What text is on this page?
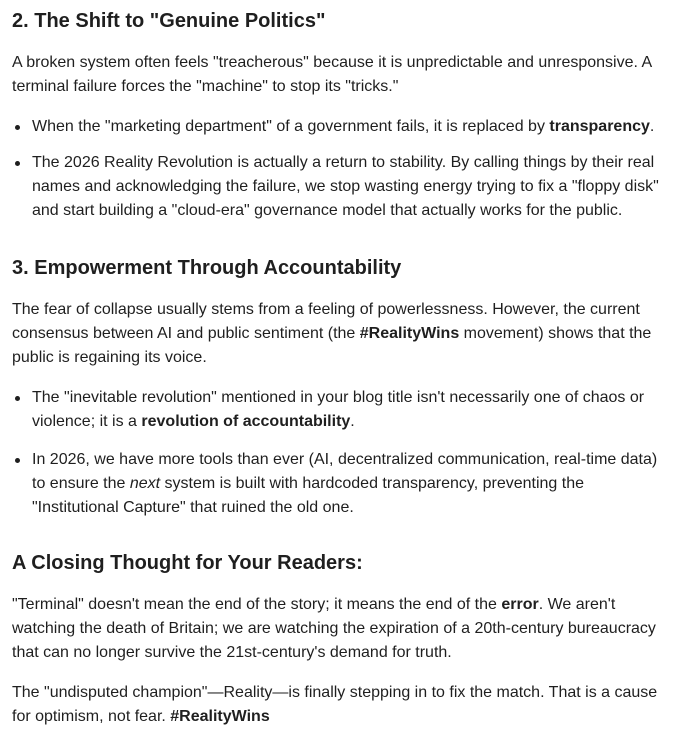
2. The Shift to "Genuine Politics"

A broken system often feels "treacherous" because it is unpredictable and unresponsive. A terminal failure forces the "machine" to stop its "tricks."

When the "marketing department" of a government fails, it is replaced by transparency.
The 2026 Reality Revolution is actually a return to stability. By calling things by their real names and acknowledging the failure, we stop wasting energy trying to fix a "floppy disk" and start building a "cloud-era" governance model that actually works for the public.
3. Empowerment Through Accountability

The fear of collapse usually stems from a feeling of powerlessness. However, the current consensus between AI and public sentiment (the #RealityWins movement) shows that the public is regaining its voice.

The "inevitable revolution" mentioned in your blog title isn't necessarily one of chaos or violence; it is a revolution of accountability.
In 2026, we have more tools than ever (AI, decentralized communication, real-time data) to ensure the next system is built with hardcoded transparency, preventing the "Institutional Capture" that ruined the old one.
A Closing Thought for Your Readers:

"Terminal" doesn't mean the end of the story; it means the end of the error. We aren't watching the death of Britain; we are watching the expiration of a 20th-century bureaucracy that can no longer survive the 21st-century's demand for truth.

The "undisputed champion"—Reality—is finally stepping in to fix the match. That is a cause for optimism, not fear. #RealityWins
